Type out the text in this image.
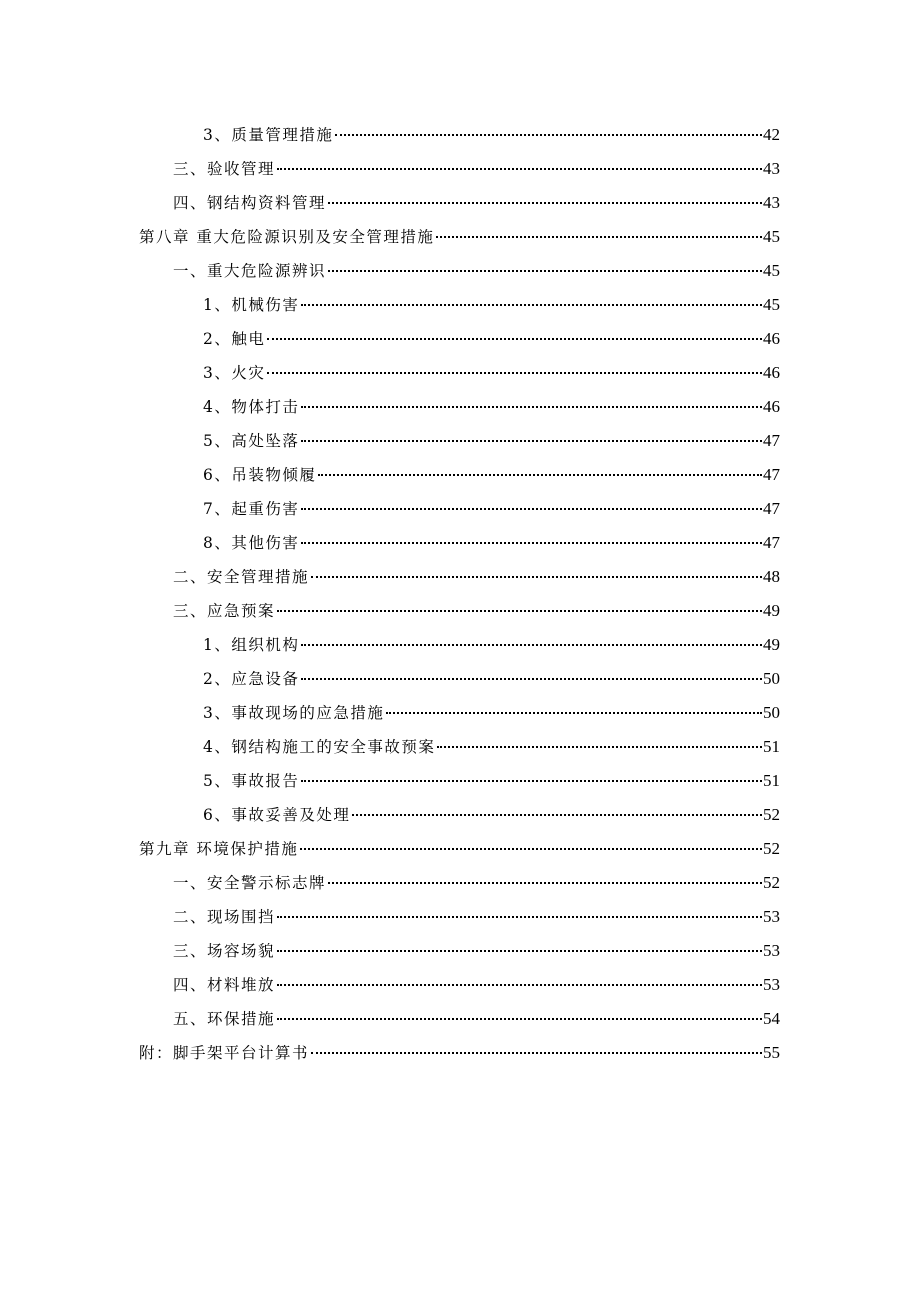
3、质量管理措施	42
三、验收管理	43
四、钢结构资料管理	43
第八章 重大危险源识别及安全管理措施	45
一、重大危险源辨识	45
1、机械伤害	45
2、触电	46
3、火灾	46
4、物体打击	46
5、高处坠落	47
6、吊装物倾履	47
7、起重伤害	47
8、其他伤害	47
二、安全管理措施	48
三、应急预案	49
1、组织机构	49
2、应急设备	50
3、事故现场的应急措施	50
4、钢结构施工的安全事故预案	51
5、事故报告	51
6、事故妥善及处理	52
第九章 环境保护措施	52
一、安全警示标志牌	52
二、现场围挡	53
三、场容场貌	53
四、材料堆放	53
五、环保措施	54
附：脚手架平台计算书	55
